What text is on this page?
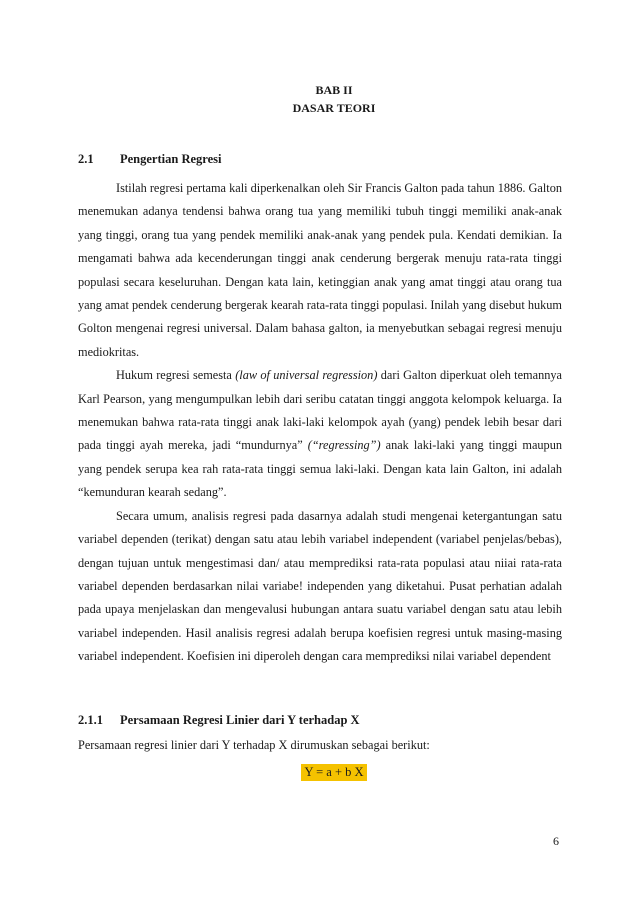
BAB II
DASAR TEORI
2.1 Pengertian Regresi

Istilah regresi pertama kali diperkenalkan oleh Sir Francis Galton pada tahun 1886. Galton menemukan adanya tendensi bahwa orang tua yang memiliki tubuh tinggi memiliki anak-anak yang tinggi, orang tua yang pendek memiliki anak-anak yang pendek pula. Kendati demikian. Ia mengamati bahwa ada kecenderungan tinggi anak cenderung bergerak menuju rata-rata tinggi populasi secara keseluruhan. Dengan kata lain, ketinggian anak yang amat tinggi atau orang tua yang amat pendek cenderung bergerak kearah rata-rata tinggi populasi. Inilah yang disebut hukum Golton mengenai regresi universal. Dalam bahasa galton, ia menyebutkan sebagai regresi menuju mediokritas.

Hukum regresi semesta (law of universal regression) dari Galton diperkuat oleh temannya Karl Pearson, yang mengumpulkan lebih dari seribu catatan tinggi anggota kelompok keluarga. Ia menemukan bahwa rata-rata tinggi anak laki-laki kelompok ayah (yang) pendek lebih besar dari pada tinggi ayah mereka, jadi “mundurnya” (“regressing”) anak laki-laki yang tinggi maupun yang pendek serupa kea rah rata-rata tinggi semua laki-laki. Dengan kata lain Galton, ini adalah “kemunduran kearah sedang”.

Secara umum, analisis regresi pada dasarnya adalah studi mengenai ketergantungan satu variabel dependen (terikat) dengan satu atau lebih variabel independent (variabel penjelas/bebas), dengan tujuan untuk mengestimasi dan/ atau memprediksi rata-rata populasi atau niiai rata-rata variabel dependen berdasarkan nilai variabe! independen yang diketahui. Pusat perhatian adalah pada upaya menjelaskan dan mengevalusi hubungan antara suatu variabel dengan satu atau lebih variabel independen. Hasil analisis regresi adalah berupa koefisien regresi untuk masing-masing variabel independent. Koefisien ini diperoleh dengan cara memprediksi nilai variabel dependent

2.1.1 Persamaan Regresi Linier dari Y terhadap X
Persamaan regresi linier dari Y terhadap X dirumuskan sebagai berikut:
Y = a + b X
6
